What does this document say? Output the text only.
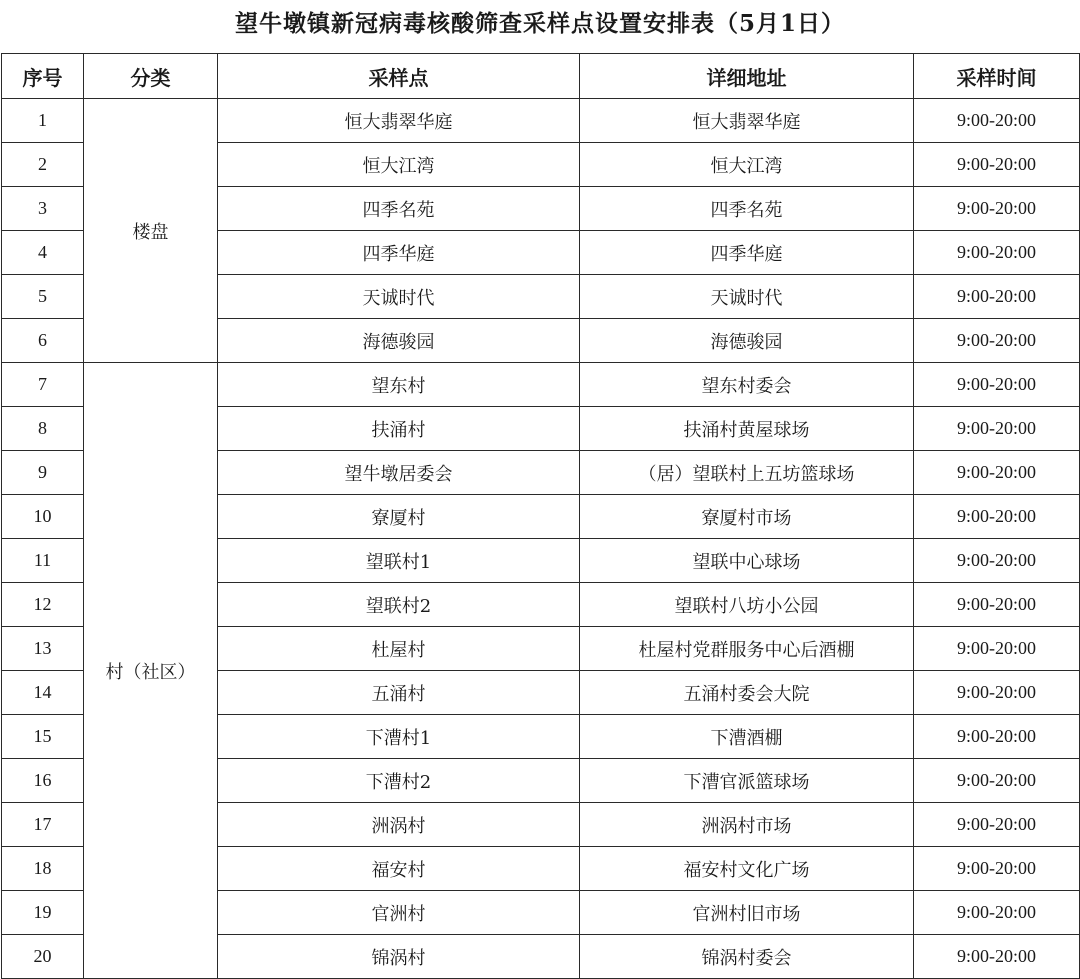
望牛墩镇新冠病毒核酸筛查采样点设置安排表（5月1日）
序号	分类	采样点	详细地址	采样时间
1	楼盘	恒大翡翠华庭	恒大翡翠华庭	9:00-20:00
2		恒大江湾	恒大江湾	9:00-20:00
3		四季名苑	四季名苑	9:00-20:00
4		四季华庭	四季华庭	9:00-20:00
5		天诚时代	天诚时代	9:00-20:00
6		海德骏园	海德骏园	9:00-20:00
7	村（社区）	望东村	望东村委会	9:00-20:00
8		扶涌村	扶涌村黄屋球场	9:00-20:00
9		望牛墩居委会	（居）望联村上五坊篮球场	9:00-20:00
10		寮厦村	寮厦村市场	9:00-20:00
11		望联村1	望联中心球场	9:00-20:00
12		望联村2	望联村八坊小公园	9:00-20:00
13		杜屋村	杜屋村党群服务中心后酒棚	9:00-20:00
14		五涌村	五涌村委会大院	9:00-20:00
15		下漕村1	下漕酒棚	9:00-20:00
16		下漕村2	下漕官派篮球场	9:00-20:00
17		洲涡村	洲涡村市场	9:00-20:00
18		福安村	福安村文化广场	9:00-20:00
19		官洲村	官洲村旧市场	9:00-20:00
20		锦涡村	锦涡村委会	9:00-20:00
